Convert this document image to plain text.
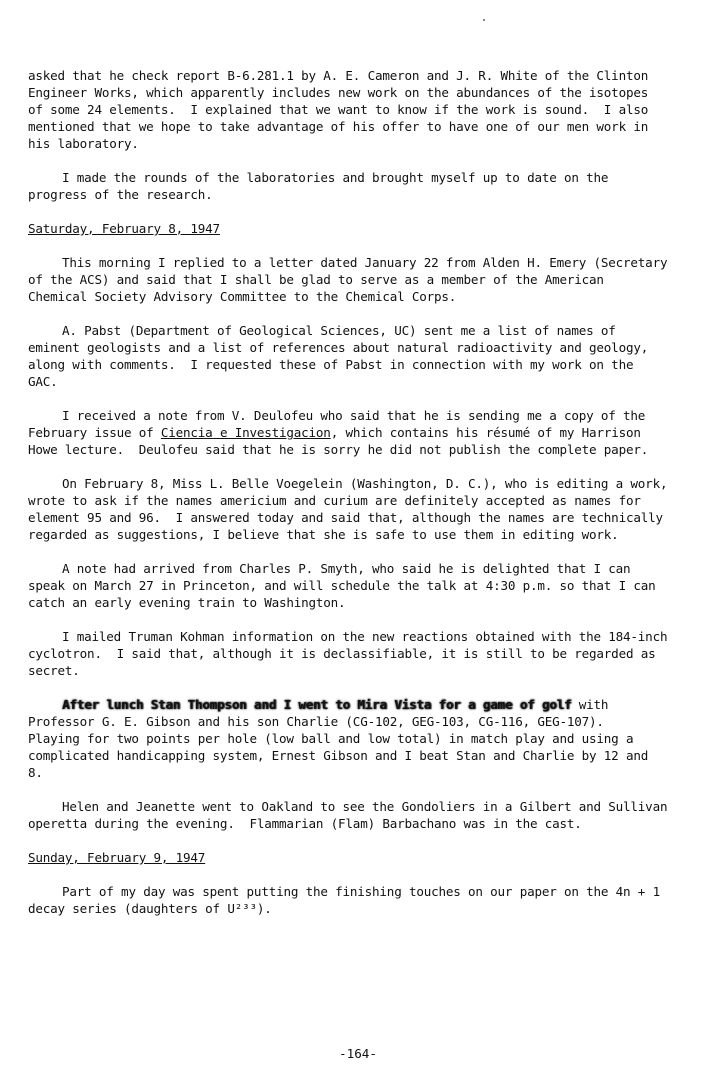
asked that he check report B-6.281.1 by A. E. Cameron and J. R. White of the Clinton Engineer Works, which apparently includes new work on the abundances of the isotopes of some 24 elements.  I explained that we want to know if the work is sound.  I also mentioned that we hope to take advantage of his offer to have one of our men work in his laboratory.

I made the rounds of the laboratories and brought myself up to date on the progress of the research.

Saturday, February 8, 1947

This morning I replied to a letter dated January 22 from Alden H. Emery (Secretary of the ACS) and said that I shall be glad to serve as a member of the American Chemical Society Advisory Committee to the Chemical Corps.

A. Pabst (Department of Geological Sciences, UC) sent me a list of names of eminent geologists and a list of references about natural radioactivity and geology, along with comments.  I requested these of Pabst in connection with my work on the GAC.

I received a note from V. Deulofeu who said that he is sending me a copy of the February issue of Ciencia e Investigacion, which contains his résumé of my Harrison Howe lecture.  Deulofeu said that he is sorry he did not publish the complete paper.

On February 8, Miss L. Belle Voegelein (Washington, D. C.), who is editing a work, wrote to ask if the names americium and curium are definitely accepted as names for element 95 and 96.  I answered today and said that, although the names are technically regarded as suggestions, I believe that she is safe to use them in editing work.

A note had arrived from Charles P. Smyth, who said he is delighted that I can speak on March 27 in Princeton, and will schedule the talk at 4:30 p.m. so that I can catch an early evening train to Washington.

I mailed Truman Kohman information on the new reactions obtained with the 184-inch cyclotron.  I said that, although it is declassifiable, it is still to be regarded as secret.

After lunch Stan Thompson and I went to Mira Vista for a game of golf with Professor G. E. Gibson and his son Charlie (CG-102, GEG-103, CG-116, GEG-107).  Playing for two points per hole (low ball and low total) in match play and using a complicated handicapping system, Ernest Gibson and I beat Stan and Charlie by 12 and 8.

Helen and Jeanette went to Oakland to see the Gondoliers in a Gilbert and Sullivan operetta during the evening.  Flammarian (Flam) Barbachano was in the cast.

Sunday, February 9, 1947

Part of my day was spent putting the finishing touches on our paper on the 4n + 1 decay series (daughters of U²³³).

-164-
